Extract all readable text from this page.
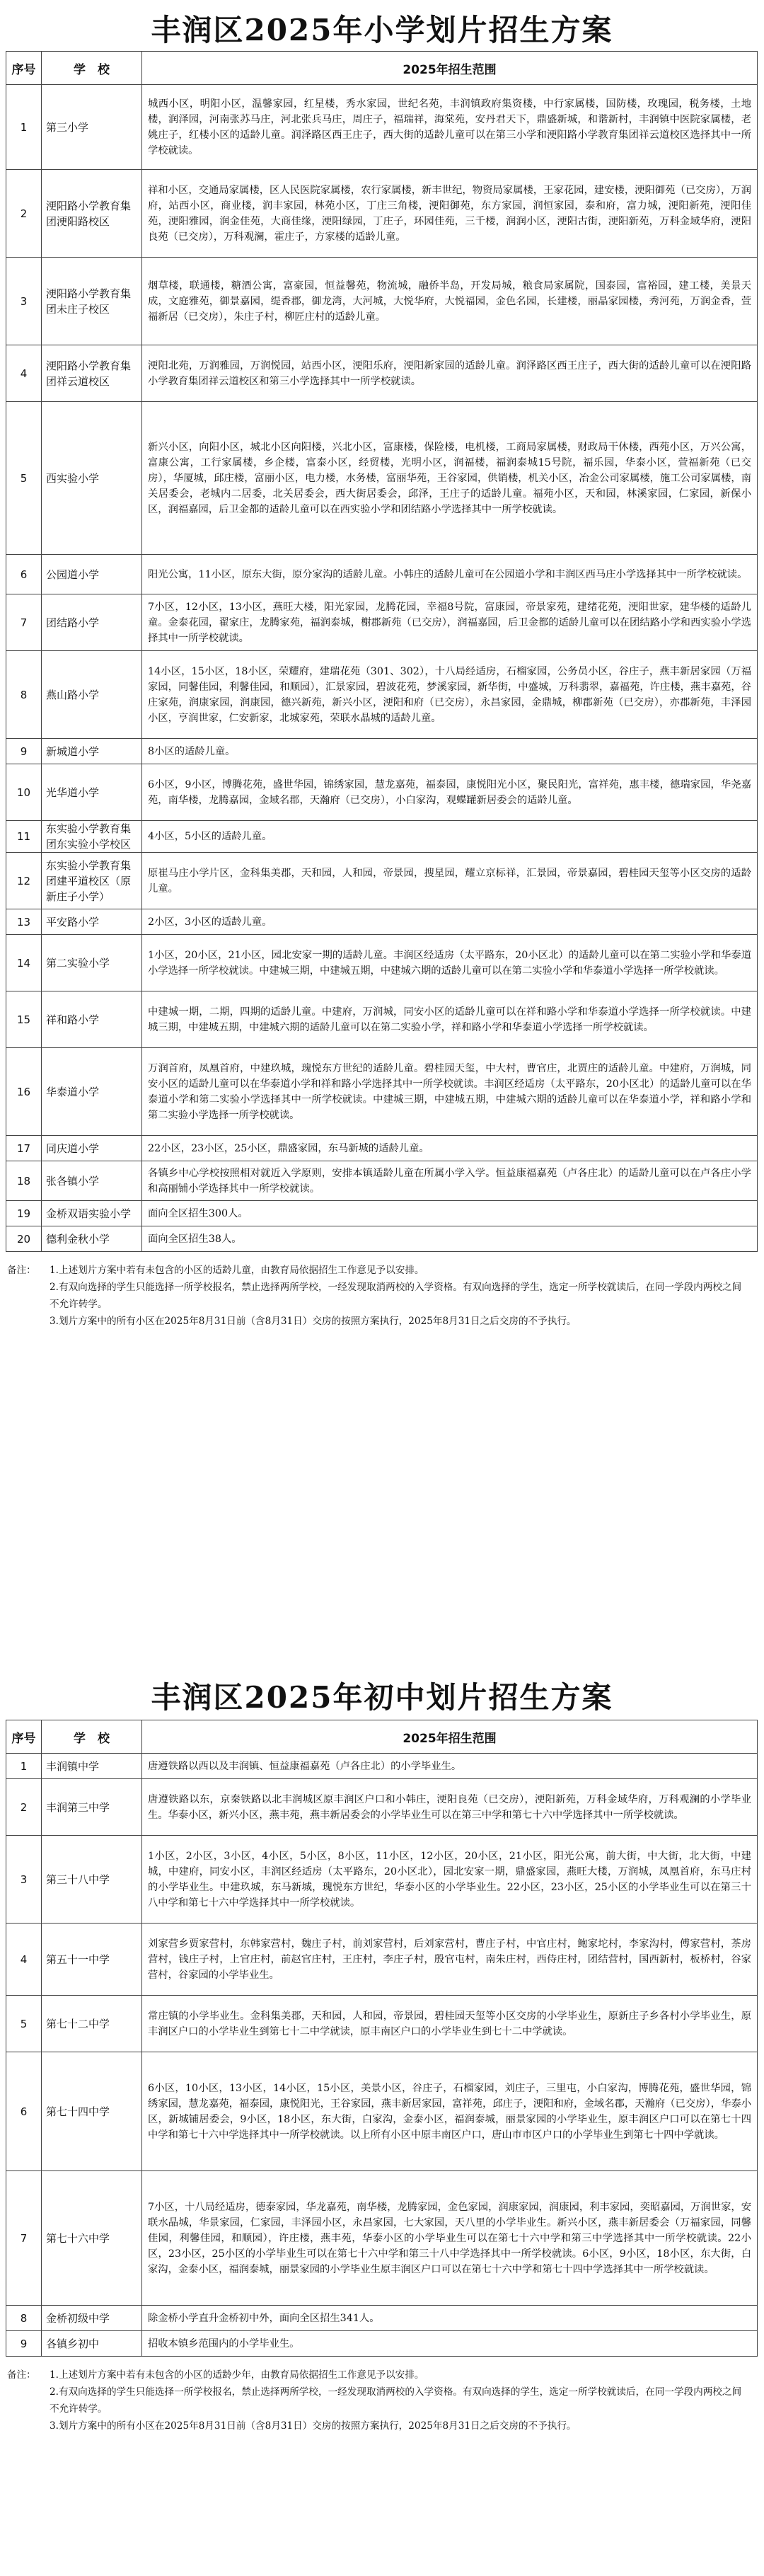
丰润区2025年小学划片招生方案
序号	学　校	2025年招生范围
1	第三小学	城西小区，明阳小区，温馨家园，红星楼，秀水家园，世纪名苑，丰润镇政府集资楼，中行家属楼，国防楼，玫瑰园，税务楼，土地楼，润泽园，河南张苏马庄，河北张兵马庄，周庄子，福瑞祥，海棠苑，安丹君天下，鼎盛新城，和谐新村，丰润镇中医院家属楼，老姚庄子，红楼小区的适龄儿童。润泽路区西王庄子，西大街的适龄儿童可以在第三小学和浭阳路小学教育集团祥云道校区选择其中一所学校就读。
2	浭阳路小学教育集团浭阳路校区	祥和小区，交通局家属楼，区人民医院家属楼，农行家属楼，新丰世纪，物资局家属楼，王家花园，建安楼，浭阳御苑（已交房），万润府，站西小区，商业楼，润丰家园，林苑小区，丁庄三角楼，浭阳御苑，东方家园，润恒家园，泰和府，富力城，浭阳新苑，浭阳佳苑，浭阳雅园，润金佳苑，大商佳缘，浭阳绿园，丁庄子，环园佳苑，三千楼，润润小区，浭阳古街，浭阳新苑，万科金域华府，浭阳良苑（已交房），万科观澜，霍庄子，方家楼的适龄儿童。
3	浭阳路小学教育集团未庄子校区	烟草楼，联通楼，糖酒公寓，富豪园，恒益馨苑，物流城，融侨半岛，开发局城，粮食局家属院，国泰园，富裕园，建工楼，美景天成，文庭雅苑，御景嘉园，缇香郡，御龙湾，大河城，大悦华府，大悦福园，金色名园，长建楼，丽晶家园楼，秀河苑，万润金香，萱福新居（已交房），朱庄子村，柳匠庄村的适龄儿童。
4	浭阳路小学教育集团祥云道校区	浭阳北苑，万润雅园，万润悦园，站西小区，浭阳乐府，浭阳新家园的适龄儿童。润泽路区西王庄子，西大街的适龄儿童可以在浭阳路小学教育集团祥云道校区和第三小学选择其中一所学校就读。
5	西实验小学	新兴小区，向阳小区，城北小区向阳楼，兴北小区，富康楼，保险楼，电机楼，工商局家属楼，财政局干休楼，西苑小区，万兴公寓，富康公寓，工行家属楼，乡企楼，富泰小区，经贸楼，光明小区，润福楼，福润泰城15号院，福乐园，华泰小区，萱福新苑（已交房），华厦城，邱庄楼，富丽小区，电力楼，水务楼，富丽华苑，王谷家园，供销楼，机关小区，冶金公司家属楼，施工公司家属楼，南关居委会，老城内二居委，北关居委会，西大街居委会，邱泽，王庄子的适龄儿童。福苑小区，天和园，林溪家园，仁家园，新保小区，润福嘉园，后卫金都的适龄儿童可以在西实验小学和团结路小学选择其中一所学校就读。
6	公园道小学	阳光公寓，11小区，原东大街，原分家沟的适龄儿童。小韩庄的适龄儿童可在公园道小学和丰润区西马庄小学选择其中一所学校就读。
7	团结路小学	7小区，12小区，13小区，燕旺大楼，阳光家园，龙腾花园，幸福8号院，富康园，帝景家苑，建绪花苑，浭阳世家，建华楼的适龄儿童。金泰花园，翟家庄，龙腾家苑，福润泰城，榭郡新苑（已交房），润福嘉园，后卫金都的适龄儿童可以在团结路小学和西实验小学选择其中一所学校就读。
8	燕山路小学	14小区，15小区，18小区，荣耀府，建瑞花苑（301、302），十八局经适房，石榴家园，公务员小区，谷庄子，燕丰新居家园（万福家园，同馨佳园，利馨佳园，和顺园），汇景家园，碧波花苑，梦溪家园，新华街，中盛城，万科翡翠，嘉福苑，许庄楼，燕丰嘉苑，谷庄家苑，润康家园，润康园，德兴新苑，新兴小区，浭阳和府（已交房），永昌家园，金鼎城，柳郡新苑（已交房），亦郡新苑，丰泽园小区，亨润世家，仁安新家，北城家苑，荣联水晶城的适龄儿童。
9	新城道小学	8小区的适龄儿童。
10	光华道小学	6小区，9小区，博腾花苑，盛世华园，锦绣家园，慧龙嘉苑，福泰园，康悦阳光小区，聚民阳光，富祥苑，惠丰楼，德瑞家园，华尧嘉苑，南华楼，龙腾嘉园，金域名郡，天瀚府（已交房），小白家沟，观蝶罐新居委会的适龄儿童。
11	东实验小学教育集团东实验小学校区	4小区，5小区的适龄儿童。
12	东实验小学教育集团建平道校区（原新庄子小学）	原崔马庄小学片区，金科集美郡，天和园，人和园，帝景园，搜星园，耀立京标祥，汇景园，帝景嘉园，碧桂园天玺等小区交房的适龄儿童。
13	平安路小学	2小区，3小区的适龄儿童。
14	第二实验小学	1小区，20小区，21小区，园北安家一期的适龄儿童。丰润区经适房（太平路东，20小区北）的适龄儿童可以在第二实验小学和华泰道小学选择一所学校就读。中建城三期，中建城五期，中建城六期的适龄儿童可以在第二实验小学和华泰道小学选择一所学校就读。
15	祥和路小学	中建城一期，二期，四期的适龄儿童。中建府，万润城，同安小区的适龄儿童可以在祥和路小学和华泰道小学选择一所学校就读。中建城三期，中建城五期，中建城六期的适龄儿童可以在第二实验小学，祥和路小学和华泰道小学选择一所学校就读。
16	华泰道小学	万润首府，凤凰首府，中建玖城，瑰悦东方世纪的适龄儿童。碧桂园天玺，中大村，曹官庄，北贾庄的适龄儿童。中建府，万润城，同安小区的适龄儿童可以在华泰道小学和祥和路小学选择其中一所学校就读。丰润区经适房（太平路东，20小区北）的适龄儿童可以在华泰道小学和第二实验小学选择其中一所学校就读。中建城三期，中建城五期，中建城六期的适龄儿童可以在华泰道小学，祥和路小学和第二实验小学选择一所学校就读。
17	同庆道小学	22小区，23小区，25小区，鼎盛家园，东马新城的适龄儿童。
18	张各镇小学	各镇乡中心学校按照相对就近入学原则，安排本镇适龄儿童在所属小学入学。恒益康福嘉苑（卢各庄北）的适龄儿童可以在卢各庄小学和高丽铺小学选择其中一所学校就读。
19	金桥双语实验小学	面向全区招生300人。
20	德利金秋小学	面向全区招生38人。
备注：	1.上述划片方案中若有未包含的小区的适龄儿童，由教育局依据招生工作意见予以安排。
2.有双向选择的学生只能选择一所学校报名，禁止选择两所学校，一经发现取消两校的入学资格。有双向选择的学生，选定一所学校就读后，在同一学段内两校之间不允许转学。
3.划片方案中的所有小区在2025年8月31日前（含8月31日）交房的按照方案执行，2025年8月31日之后交房的不予执行。
丰润区2025年初中划片招生方案
序号	学　校	2025年招生范围
1	丰润镇中学	唐遵铁路以西以及丰润镇、恒益康福嘉苑（卢各庄北）的小学毕业生。
2	丰润第三中学	唐遵铁路以东，京秦铁路以北丰润城区原丰润区户口和小韩庄，浭阳良苑（已交房），浭阳新苑，万科金域华府，万科观澜的小学毕业生。华泰小区，新兴小区，燕丰苑，燕丰新居委会的小学毕业生可以在第三中学和第七十六中学选择其中一所学校就读。
3	第三十八中学	1小区，2小区，3小区，4小区，5小区，8小区，11小区，12小区，20小区，21小区，阳光公寓，前大街，中大街，北大街，中建城，中建府，同安小区，丰润区经适房（太平路东，20小区北），园北安家一期，鼎盛家园，燕旺大楼，万润城，凤凰首府，东马庄村的小学毕业生。中建玖城，东马新城，瑰悦东方世纪，华泰小区的小学毕业生。22小区，23小区，25小区的小学毕业生可以在第三十八中学和第七十六中学选择其中一所学校就读。
4	第五十一中学	刘家营乡贾家营村，东韩家营村，魏庄子村，前刘家营村，后刘家营村，曹庄子村，中官庄村，鲍家坨村，李家沟村，傅家营村，茶房营村，钱庄子村，上官庄村，前赵官庄村，王庄村，李庄子村，殷官屯村，南朱庄村，西侍庄村，团结营村，国西新村，板桥村，谷家营村，谷家园的小学毕业生。
5	第七十二中学	常庄镇的小学毕业生。金科集美郡，天和园，人和园，帝景园，碧桂园天玺等小区交房的小学毕业生，原新庄子乡各村小学毕业生，原丰润区户口的小学毕业生到第七十二中学就读，原丰南区户口的小学毕业生到七十二中学就读。
6	第七十四中学	6小区，10小区，13小区，14小区，15小区，美景小区，谷庄子，石榴家园，刘庄子，三里屯，小白家沟，博腾花苑，盛世华园，锦绣家园，慧龙嘉苑，福泰园，康悦阳光，王谷家园，燕丰新居家园，富祥苑，邱庄子，浭阳和府，金域名郡，天瀚府（已交房），华泰小区，新城铺居委会，9小区，18小区，东大街，白家沟，金泰小区，福润泰城，丽景家园的小学毕业生，原丰润区户口可以在第七十四中学和第七十六中学选择其中一所学校就读。以上所有小区中原丰南区户口，唐山市市区户口的小学毕业生到第七十四中学就读。
7	第七十六中学	7小区，十八局经适房，德泰家园，华龙嘉苑，南华楼，龙腾家园，金色家园，润康家园，润康园，利丰家园，奕昭嘉园，万润世家，安联水晶城，华景家园，仁家园，丰泽园小区，永昌家园，七大家园，天八里的小学毕业生。新兴小区，燕丰新居委会（万福家园，同馨佳园，利馨佳园，和顺园），许庄楼，燕丰苑，华泰小区的小学毕业生可以在第七十六中学和第三中学选择其中一所学校就读。22小区，23小区，25小区的小学毕业生可以在第七十六中学和第三十八中学选择其中一所学校就读。6小区，9小区，18小区，东大街，白家沟，金泰小区，福润泰城，丽景家园的小学毕业生原丰润区户口可以在第七十六中学和第七十四中学选择其中一所学校就读。
8	金桥初级中学	除金桥小学直升金桥初中外，面向全区招生341人。
9	各镇乡初中	招收本镇乡范围内的小学毕业生。
备注：	1.上述划片方案中若有未包含的小区的适龄少年，由教育局依据招生工作意见予以安排。
2.有双向选择的学生只能选择一所学校报名，禁止选择两所学校，一经发现取消两校的入学资格。有双向选择的学生，选定一所学校就读后，在同一学段内两校之间不允许转学。
3.划片方案中的所有小区在2025年8月31日前（含8月31日）交房的按照方案执行，2025年8月31日之后交房的不予执行。
